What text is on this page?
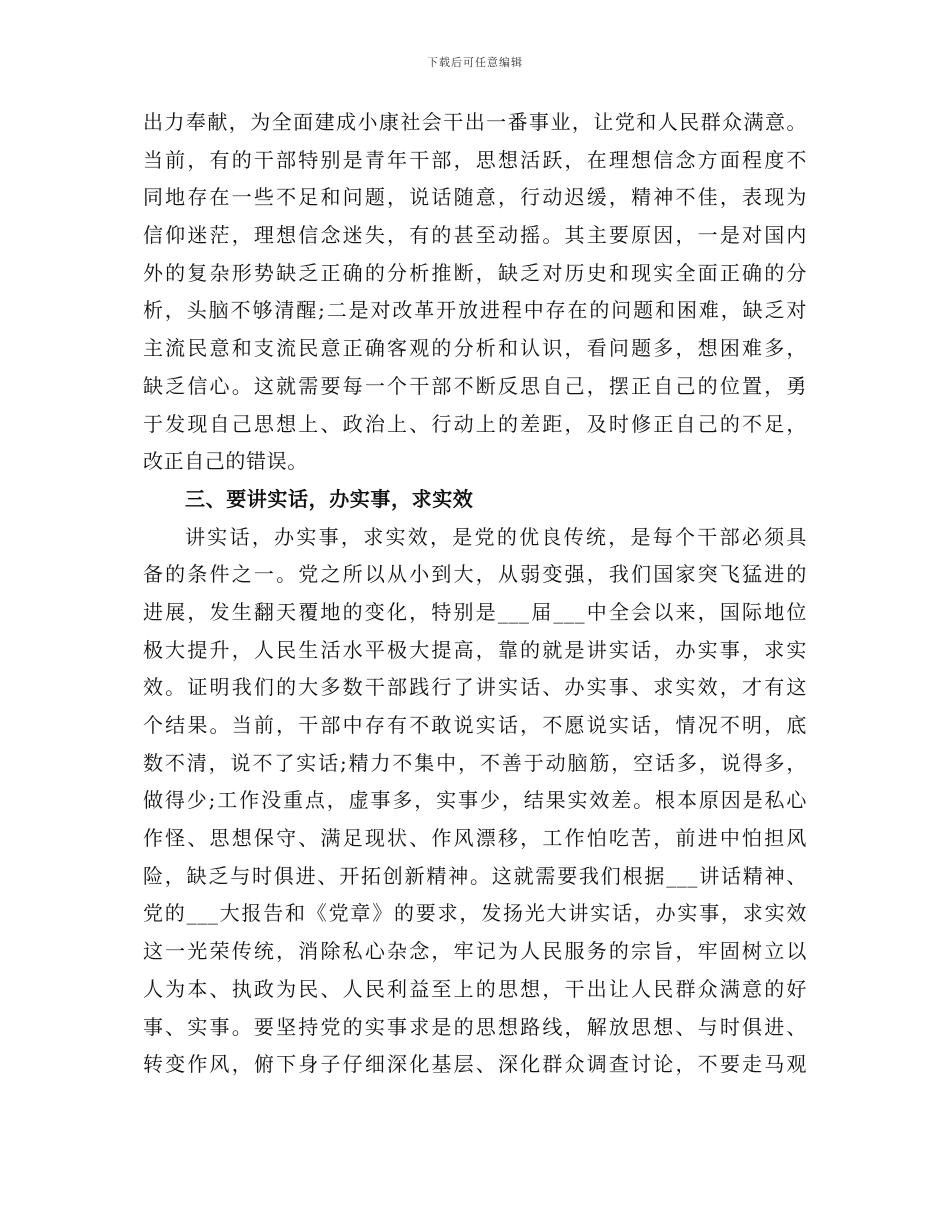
下载后可任意编辑
出力奉献，为全面建成小康社会干出一番事业，让党和人民群众满意。
当前，有的干部特别是青年干部，思想活跃，在理想信念方面程度不
同地存在一些不足和问题，说话随意，行动迟缓，精神不佳，表现为
信仰迷茫，理想信念迷失，有的甚至动摇。其主要原因，一是对国内
外的复杂形势缺乏正确的分析推断，缺乏对历史和现实全面正确的分
析，头脑不够清醒;二是对改革开放进程中存在的问题和困难，缺乏对
主流民意和支流民意正确客观的分析和认识，看问题多，想困难多，
缺乏信心。这就需要每一个干部不断反思自己，摆正自己的位置，勇
于发现自己思想上、政治上、行动上的差距，及时修正自己的不足，
改正自己的错误。
三、要讲实话，办实事，求实效
讲实话，办实事，求实效，是党的优良传统，是每个干部必须具
备的条件之一。党之所以从小到大，从弱变强，我们国家突飞猛进的
进展，发生翻天覆地的变化，特别是___届___中全会以来，国际地位
极大提升，人民生活水平极大提高，靠的就是讲实话，办实事，求实
效。证明我们的大多数干部践行了讲实话、办实事、求实效，才有这
个结果。当前，干部中存有不敢说实话，不愿说实话，情况不明，底
数不清，说不了实话;精力不集中，不善于动脑筋，空话多，说得多，
做得少;工作没重点，虚事多，实事少，结果实效差。根本原因是私心
作怪、思想保守、满足现状、作风漂移，工作怕吃苦，前进中怕担风
险，缺乏与时俱进、开拓创新精神。这就需要我们根据___讲话精神、
党的___大报告和《党章》的要求，发扬光大讲实话，办实事，求实效
这一光荣传统，消除私心杂念，牢记为人民服务的宗旨，牢固树立以
人为本、执政为民、人民利益至上的思想，干出让人民群众满意的好
事、实事。要坚持党的实事求是的思想路线，解放思想、与时俱进、
转变作风，俯下身子仔细深化基层、深化群众调查讨论，不要走马观
